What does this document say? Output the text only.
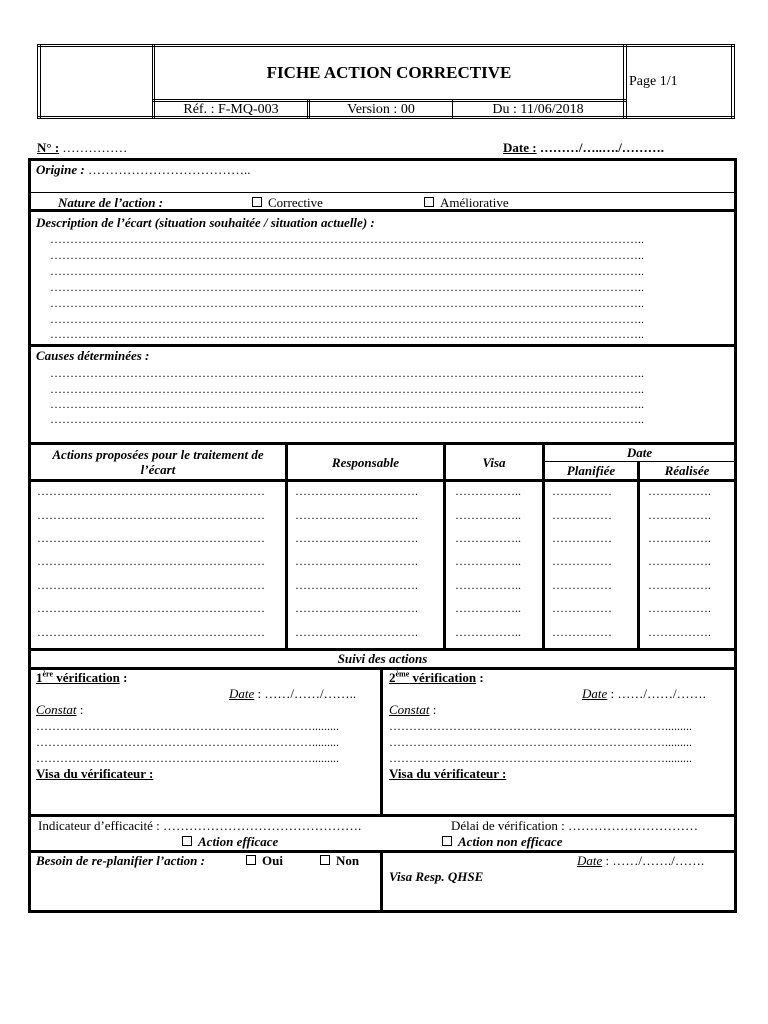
FICHE ACTION CORRECTIVE	Page 1/1
Réf. : F-MQ-003	Version : 00	Du : 11/06/2018
N° : ……………	Date : ………/…..…./……….
Origine : ………………………………..
Nature de l’action :	Corrective	Améliorative
Description de l’écart (situation souhaitée / situation actuelle) :
…………………………………………………………………………………………………………………………………..
…………………………………………………………………………………………………………………………………..
…………………………………………………………………………………………………………………………………..
…………………………………………………………………………………………………………………………………..
…………………………………………………………………………………………………………………………………..
…………………………………………………………………………………………………………………………………..
…………………………………………………………………………………………………………………………………..
Causes déterminées :
…………………………………………………………………………………………………………………………………..
…………………………………………………………………………………………………………………………………..
…………………………………………………………………………………………………………………………………..
…………………………………………………………………………………………………………………………………..
Actions proposées pour le traitement de
l’écart	Responsable	Visa
Date
Planifiée	Réalisée
…………………………………………………	………………………….	……………..	……………	…………….
…………………………………………………	………………………….	……………..	……………	…………….
…………………………………………………	………………………….	……………..	……………	…………….
…………………………………………………	………………………….	……………..	……………	…………….
…………………………………………………	………………………….	……………..	……………	…………….
…………………………………………………	………………………….	……………..	……………	…………….
…………………………………………………	………………………….	……………..	……………	…………….
Suivi des actions
1ère vérification :
Date : ……/……/……..
Constat :
…………………………………………………………….........
…………………………………………………………….........
…………………………………………………………….........
Visa du vérificateur :
2ème vérification :
Date : ……/……/…….
Constat :
…………………………………………………………….........
…………………………………………………………….........
…………………………………………………………….........
Visa du vérificateur :
Indicateur d’efficacité : ……………………………………….	Délai de vérification : …………………………
Action efficace	Action non efficace
Besoin de re-planifier l’action :	Oui	Non	Date : ……/……./…….
Visa Resp. QHSE
